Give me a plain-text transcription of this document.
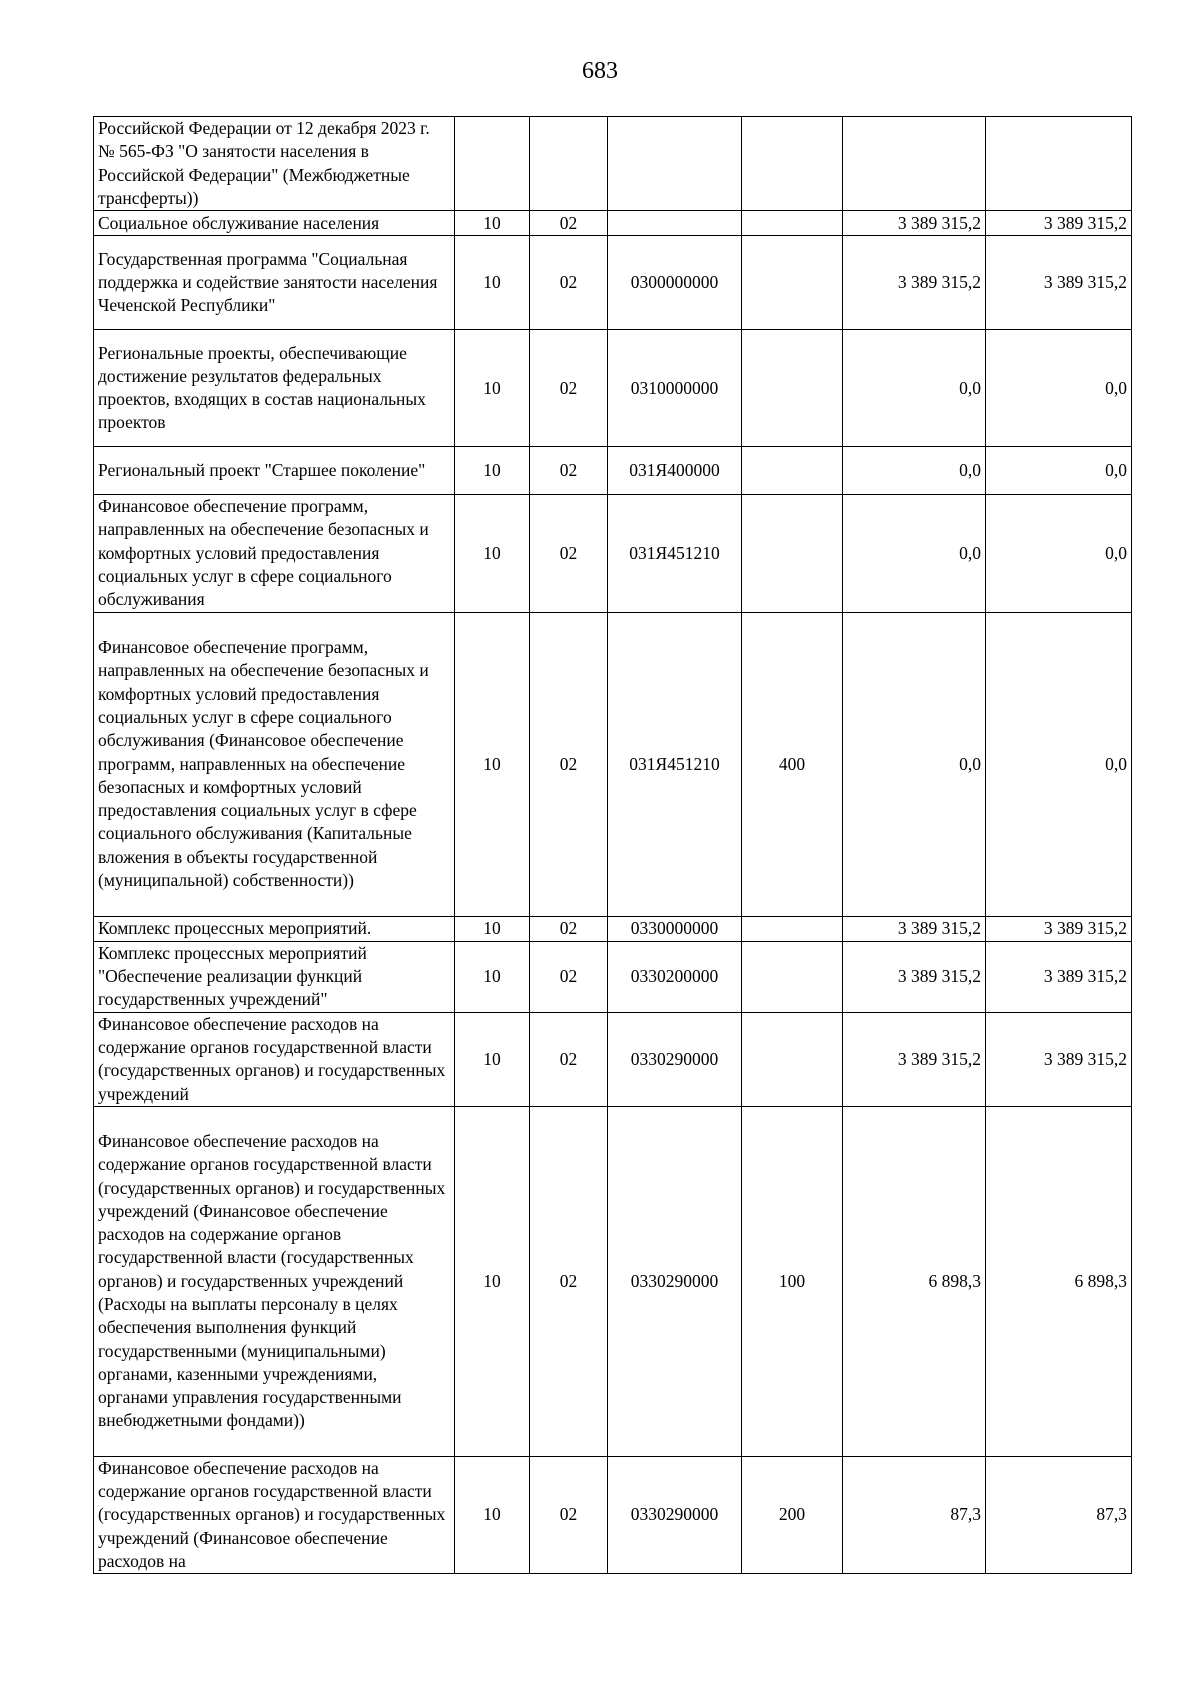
683
Российской Федерации от 12 декабря 2023 г. № 565-ФЗ "О занятости населения в Российской Федерации" (Межбюджетные трансферты))						
Социальное обслуживание населения	10	02			3 389 315,2	3 389 315,2
Государственная программа "Социальная поддержка и содействие занятости населения Чеченской Республики"	10	02	0300000000		3 389 315,2	3 389 315,2
Региональные проекты, обеспечивающие достижение результатов федеральных проектов, входящих в состав национальных проектов	10	02	0310000000		0,0	0,0
Региональный проект "Старшее поколение"	10	02	031Я400000		0,0	0,0
Финансовое обеспечение программ, направленных на обеспечение безопасных и комфортных условий предоставления социальных услуг в сфере социального обслуживания	10	02	031Я451210		0,0	0,0
Финансовое обеспечение программ, направленных на обеспечение безопасных и комфортных условий предоставления социальных услуг в сфере социального обслуживания (Финансовое обеспечение программ, направленных на обеспечение безопасных и комфортных условий предоставления социальных услуг в сфере социального обслуживания (Капитальные вложения в объекты государственной (муниципальной) собственности))	10	02	031Я451210	400	0,0	0,0
Комплекс процессных мероприятий.	10	02	0330000000		3 389 315,2	3 389 315,2
Комплекс процессных мероприятий "Обеспечение реализации функций государственных учреждений"	10	02	0330200000		3 389 315,2	3 389 315,2
Финансовое обеспечение расходов на содержание органов государственной власти (государственных органов) и государственных учреждений	10	02	0330290000		3 389 315,2	3 389 315,2
Финансовое обеспечение расходов на содержание органов государственной власти (государственных органов) и государственных учреждений (Финансовое обеспечение расходов на содержание органов государственной власти (государственных органов) и государственных учреждений (Расходы на выплаты персоналу в целях обеспечения выполнения функций государственными (муниципальными) органами, казенными учреждениями, органами управления государственными внебюджетными фондами))	10	02	0330290000	100	6 898,3	6 898,3
Финансовое обеспечение расходов на содержание органов государственной власти (государственных органов) и государственных учреждений (Финансовое обеспечение расходов на	10	02	0330290000	200	87,3	87,3
